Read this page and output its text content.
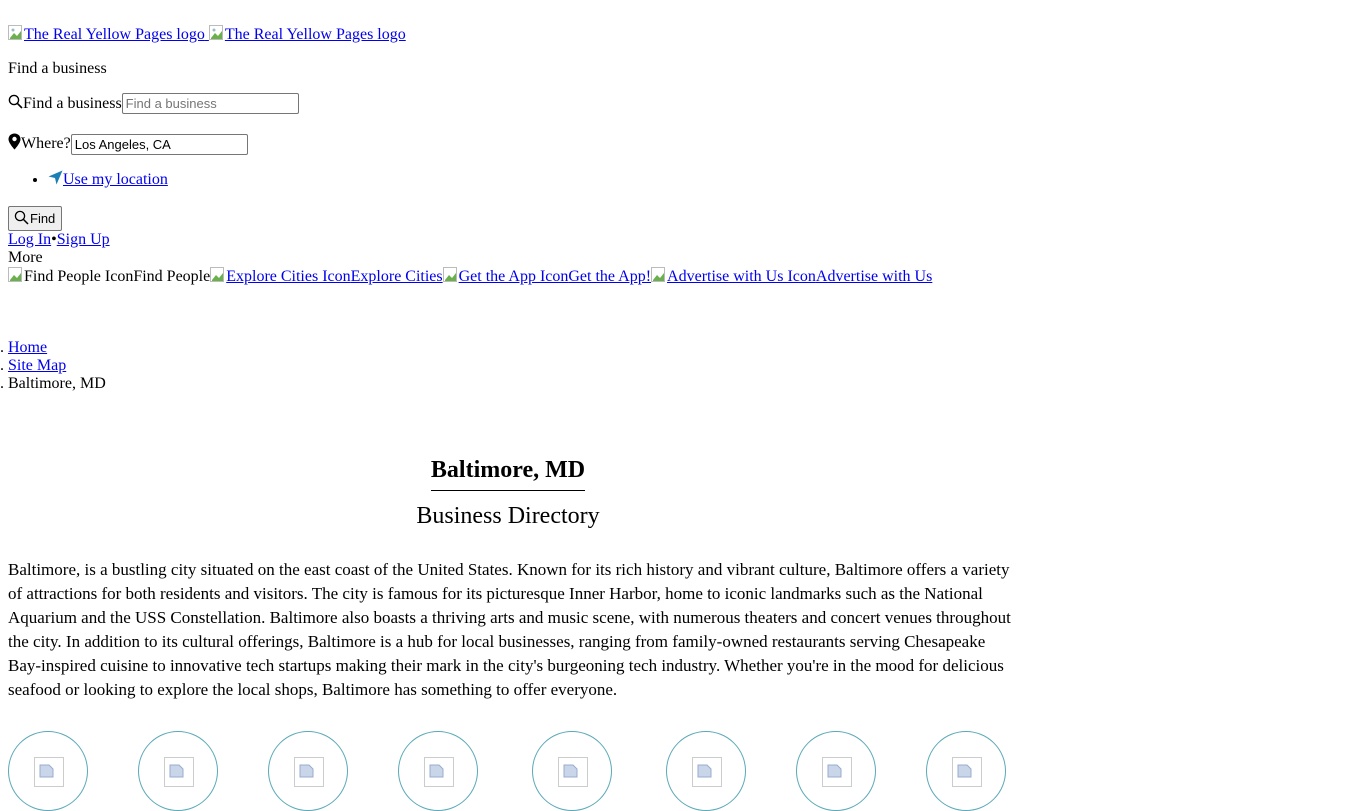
The Real Yellow Pages logo The Real Yellow Pages logo
Find a business
Find a business
Find a business
Where?
Los Angeles, CA
• Use my location
Find
Log In•Sign Up
More
Find People IconFind People Explore Cities IconExplore Cities Get the App IconGet the App! Advertise with Us IconAdvertise with Us
. Home
. Site Map
. Baltimore, MD
Baltimore, MD
Business Directory

Baltimore, is a bustling city situated on the east coast of the United States. Known for its rich history and vibrant culture, Baltimore offers a variety of attractions for both residents and visitors. The city is famous for its picturesque Inner Harbor, home to iconic landmarks such as the National Aquarium and the USS Constellation. Baltimore also boasts a thriving arts and music scene, with numerous theaters and concert venues throughout the city. In addition to its cultural offerings, Baltimore is a hub for local businesses, ranging from family-owned restaurants serving Chesapeake Bay-inspired cuisine to innovative tech startups making their mark in the city's burgeoning tech industry. Whether you're in the mood for delicious seafood or looking to explore the local shops, Baltimore has something to offer everyone.
